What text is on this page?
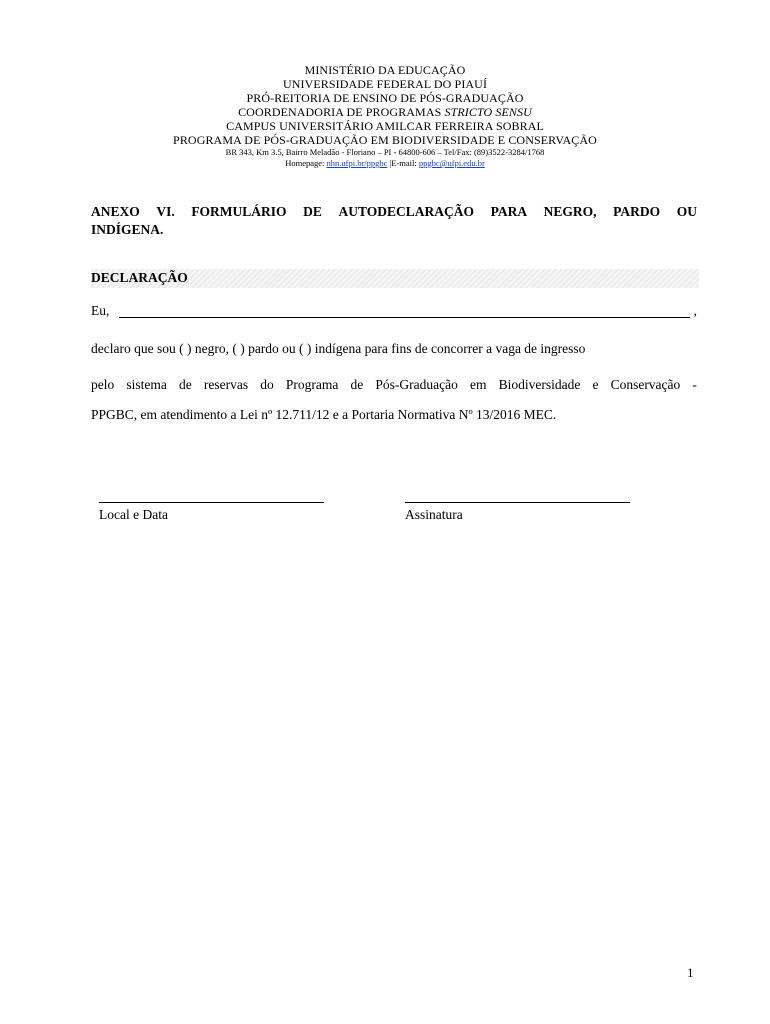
MINISTÉRIO DA EDUCAÇÃO
UNIVERSIDADE FEDERAL DO PIAUÍ
PRÓ-REITORIA DE ENSINO DE PÓS-GRADUAÇÃO
COORDENADORIA DE PROGRAMAS STRICTO SENSU
CAMPUS UNIVERSITÁRIO AMILCAR FERREIRA SOBRAL
PROGRAMA DE PÓS-GRADUAÇÃO EM BIODIVERSIDADE E CONSERVAÇÃO
BR 343, Km 3.5, Bairro Meladão - Floriano – PI - 64800-606 – Tel/Fax: (89)3522-3284/1768
Homepage: nhn.ufpi.br/ppgbc |E-mail: ppgbc@ufpi.edu.br
ANEXO VI. FORMULÁRIO DE AUTODECLARAÇÃO PARA NEGRO, PARDO OU
INDÍGENA.
DECLARAÇÃO
Eu,	,
declaro que sou ( ) negro, ( ) pardo ou ( ) indígena para fins de concorrer a vaga de ingresso
pelo sistema de reservas do Programa de Pós-Graduação em Biodiversidade e Conservação -
PPGBC, em atendimento a Lei nº 12.711/12 e a Portaria Normativa Nº 13/2016 MEC.
Local e Data	Assinatura
1
